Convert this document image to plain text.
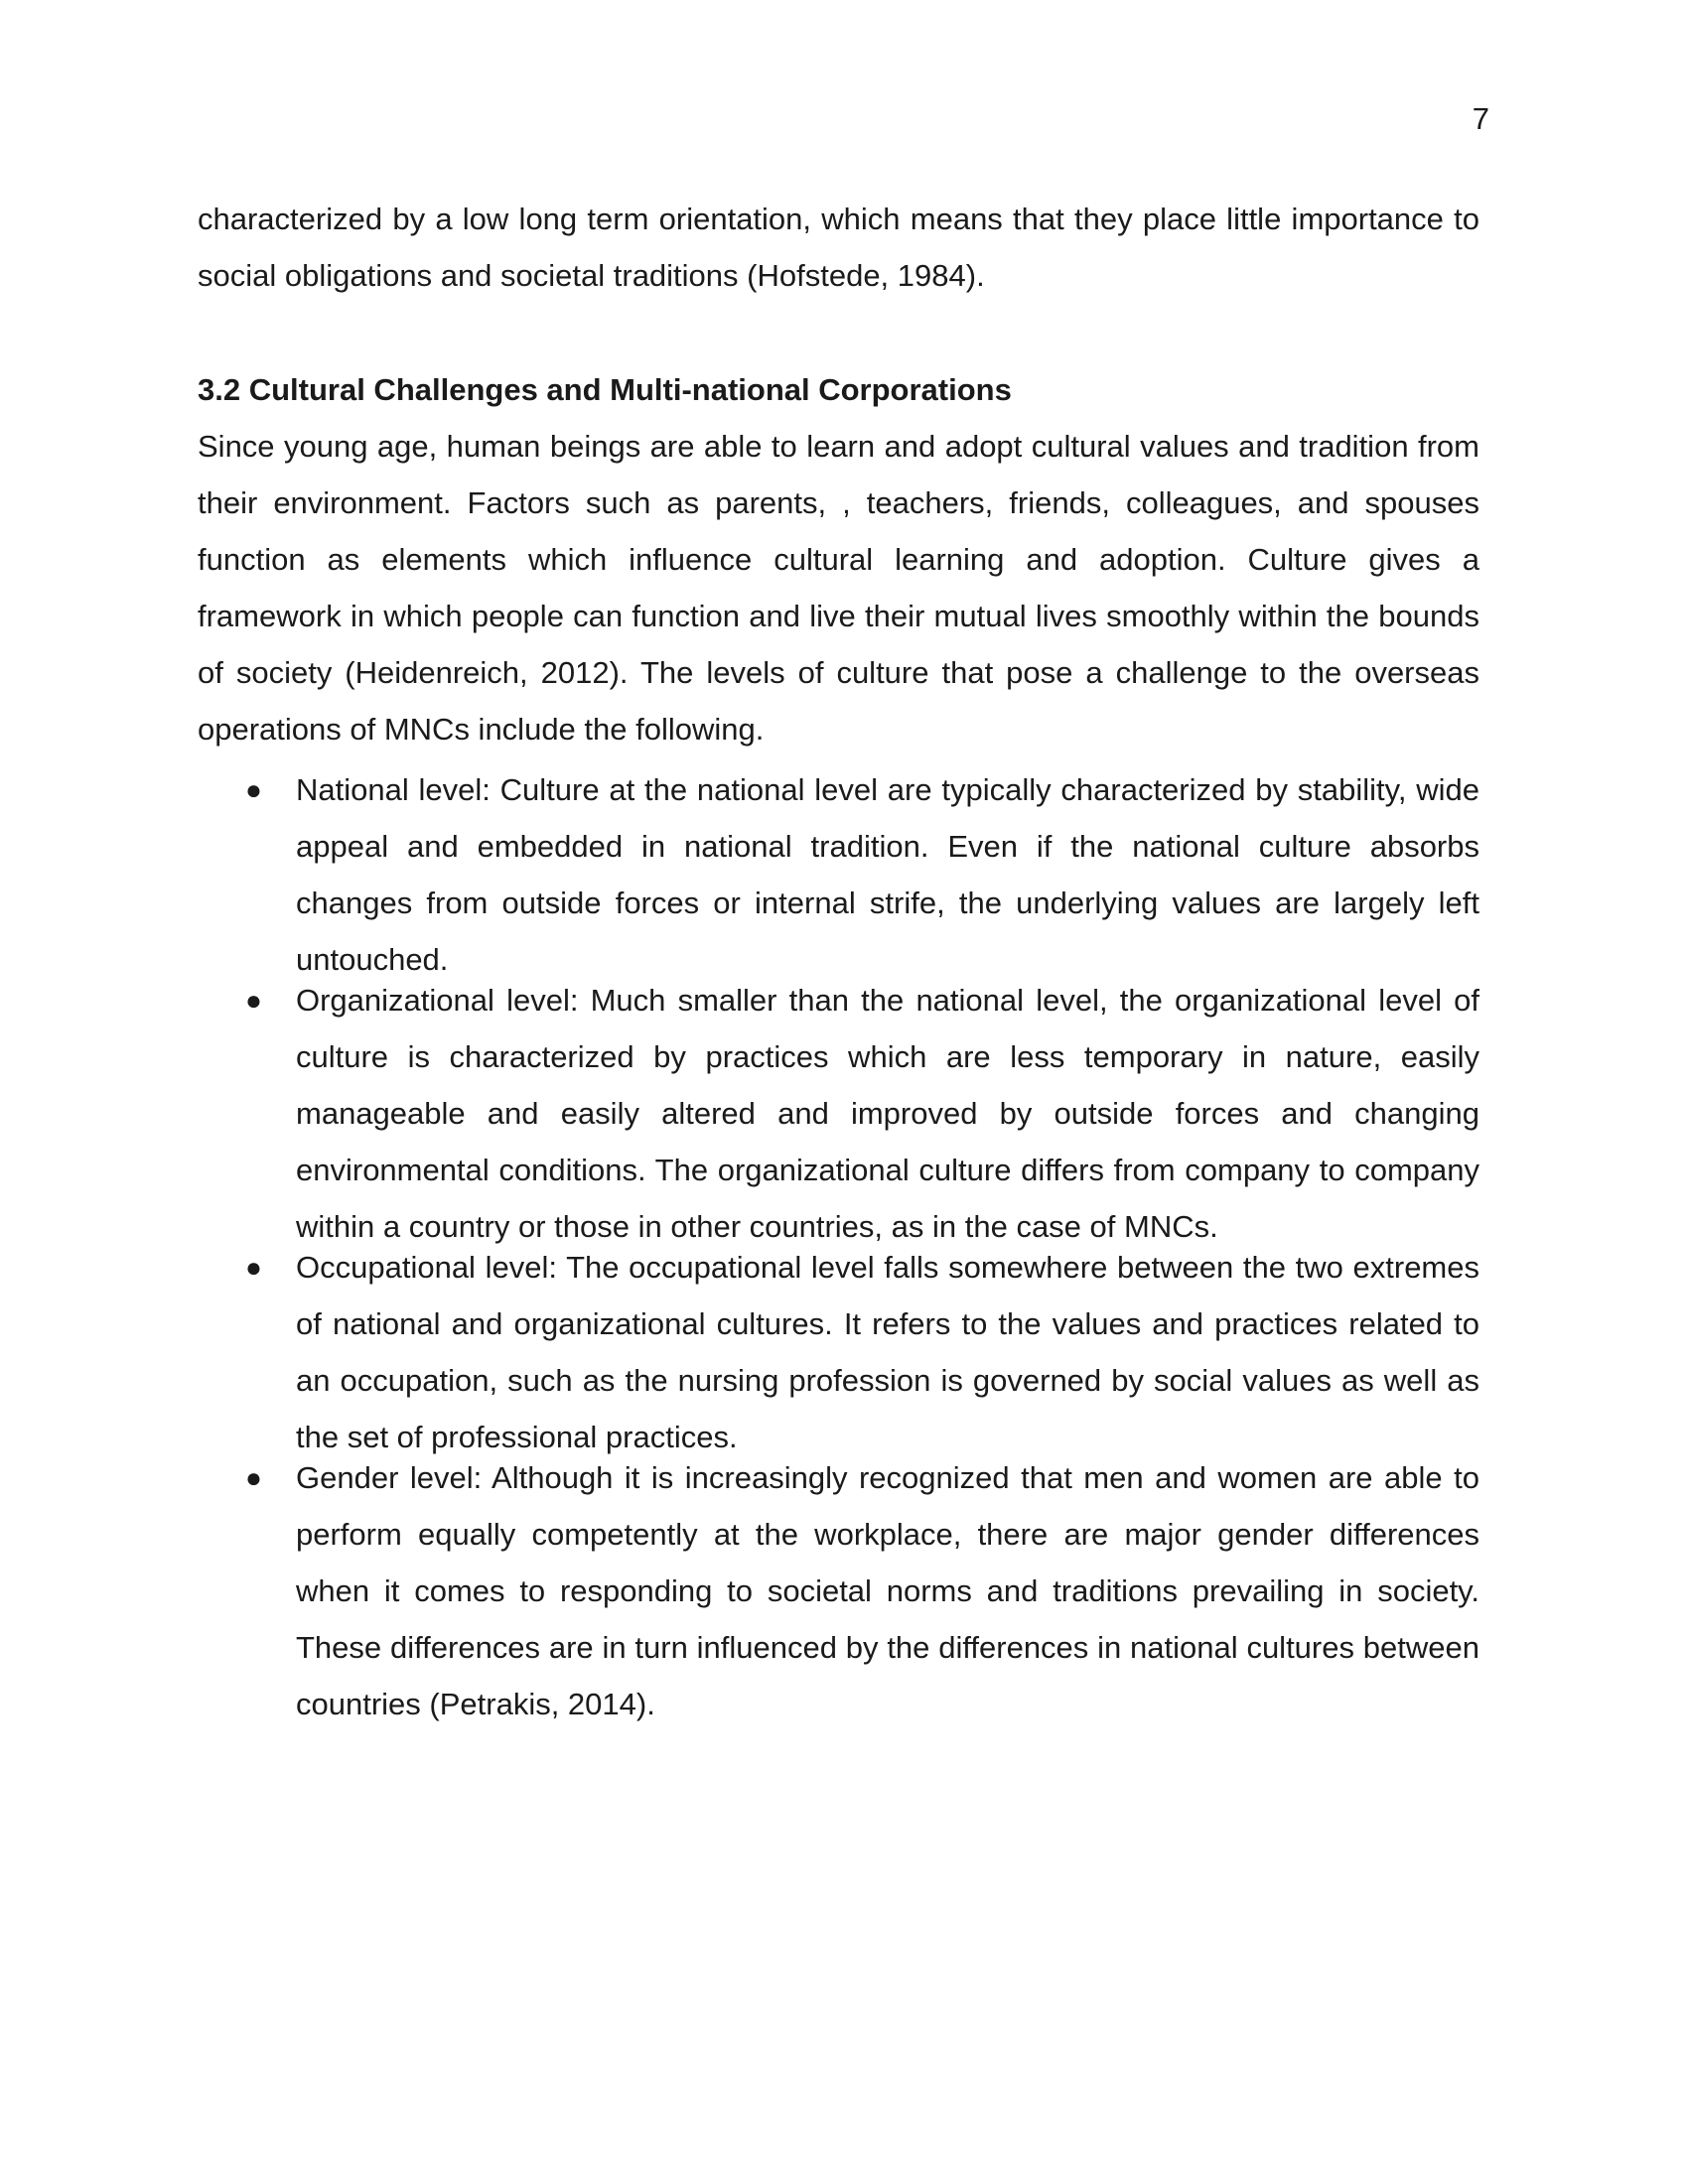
7

characterized by a low long term orientation, which means that they place little importance to social obligations and societal traditions (Hofstede, 1984).

3.2 Cultural Challenges and Multi-national Corporations

Since young age, human beings are able to learn and adopt cultural values and tradition from their environment. Factors such as parents, , teachers, friends, colleagues, and spouses function as elements which influence cultural learning and adoption. Culture gives a framework in which people can function and live their mutual lives smoothly within the bounds of society (Heidenreich, 2012). The levels of culture that pose a challenge to the overseas operations of MNCs include the following.

●	National level: Culture at the national level are typically characterized by stability, wide appeal and embedded in national tradition. Even if the national culture absorbs changes from outside forces or internal strife, the underlying values are largely left untouched.
●	Organizational level: Much smaller than the national level, the organizational level of culture is characterized by practices which are less temporary in nature, easily manageable and easily altered and improved by outside forces and changing environmental conditions. The organizational culture differs from company to company within a country or those in other countries, as in the case of MNCs.
●	Occupational level: The occupational level falls somewhere between the two extremes of national and organizational cultures. It refers to the values and practices related to an occupation, such as the nursing profession is governed by social values as well as the set of professional practices.
●	Gender level: Although it is increasingly recognized that men and women are able to perform equally competently at the workplace, there are major gender differences when it comes to responding to societal norms and traditions prevailing in society. These differences are in turn influenced by the differences in national cultures between countries (Petrakis, 2014).
